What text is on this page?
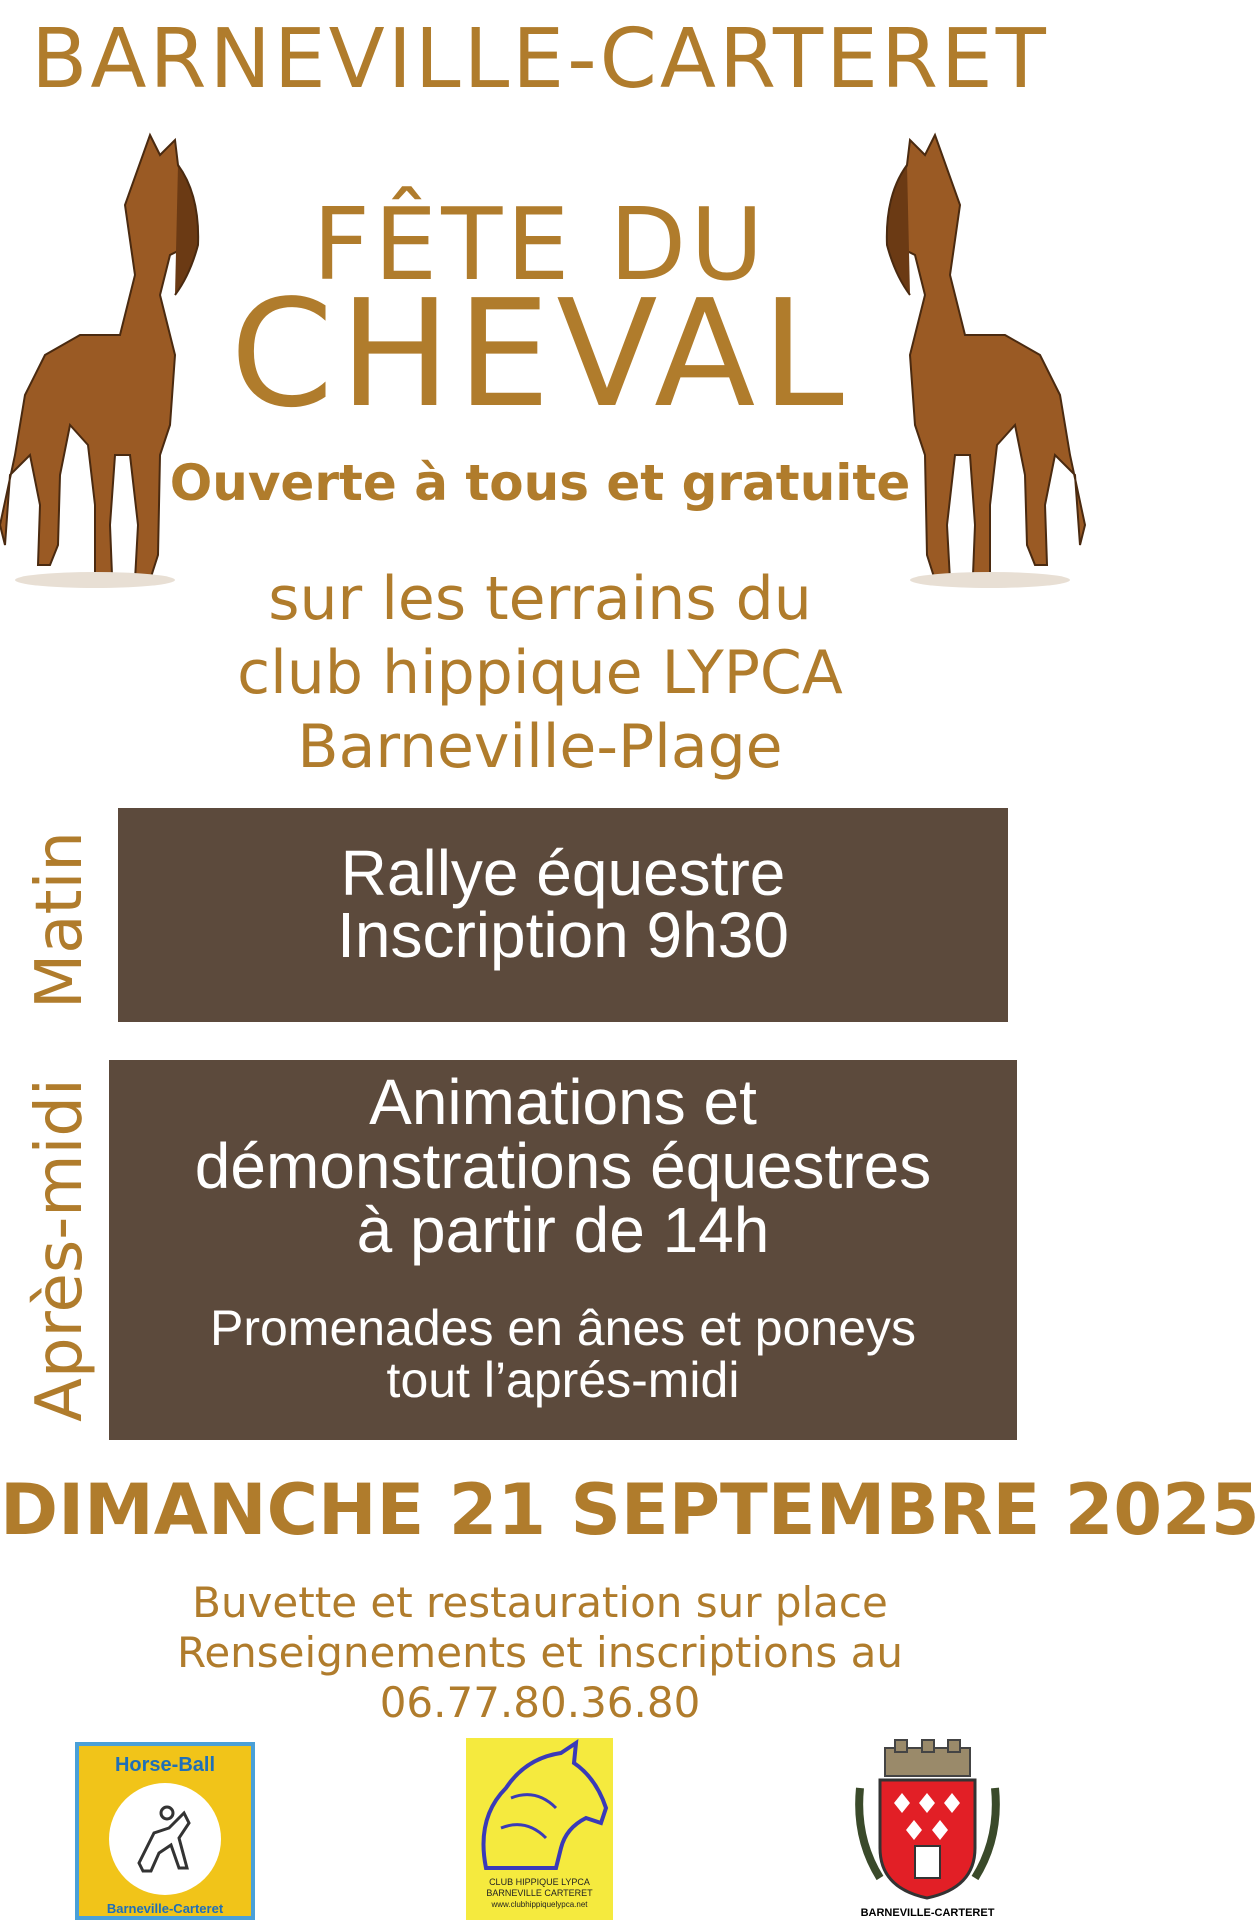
BARNEVILLE-CARTERET
FÊTE DU
CHEVAL
Ouverte à tous et gratuite
sur les terrains du
club hippique LYPCA
Barneville-Plage
Matin	Rallye équestre
Inscription 9h30
Après-midi	Animations et
démonstrations équestres
à partir de 14h
Promenades en ânes et poneys
tout l’aprés-midi
DIMANCHE 21 SEPTEMBRE 2025
Buvette et restauration sur place
Renseignements et inscriptions au
06.77.80.36.80
Horse-Ball
Barneville-Carteret
CLUB HIPPIQUE LYPCA
BARNEVILLE CARTERET
www.clubhippiquelypca.net
BARNEVILLE-CARTERET
